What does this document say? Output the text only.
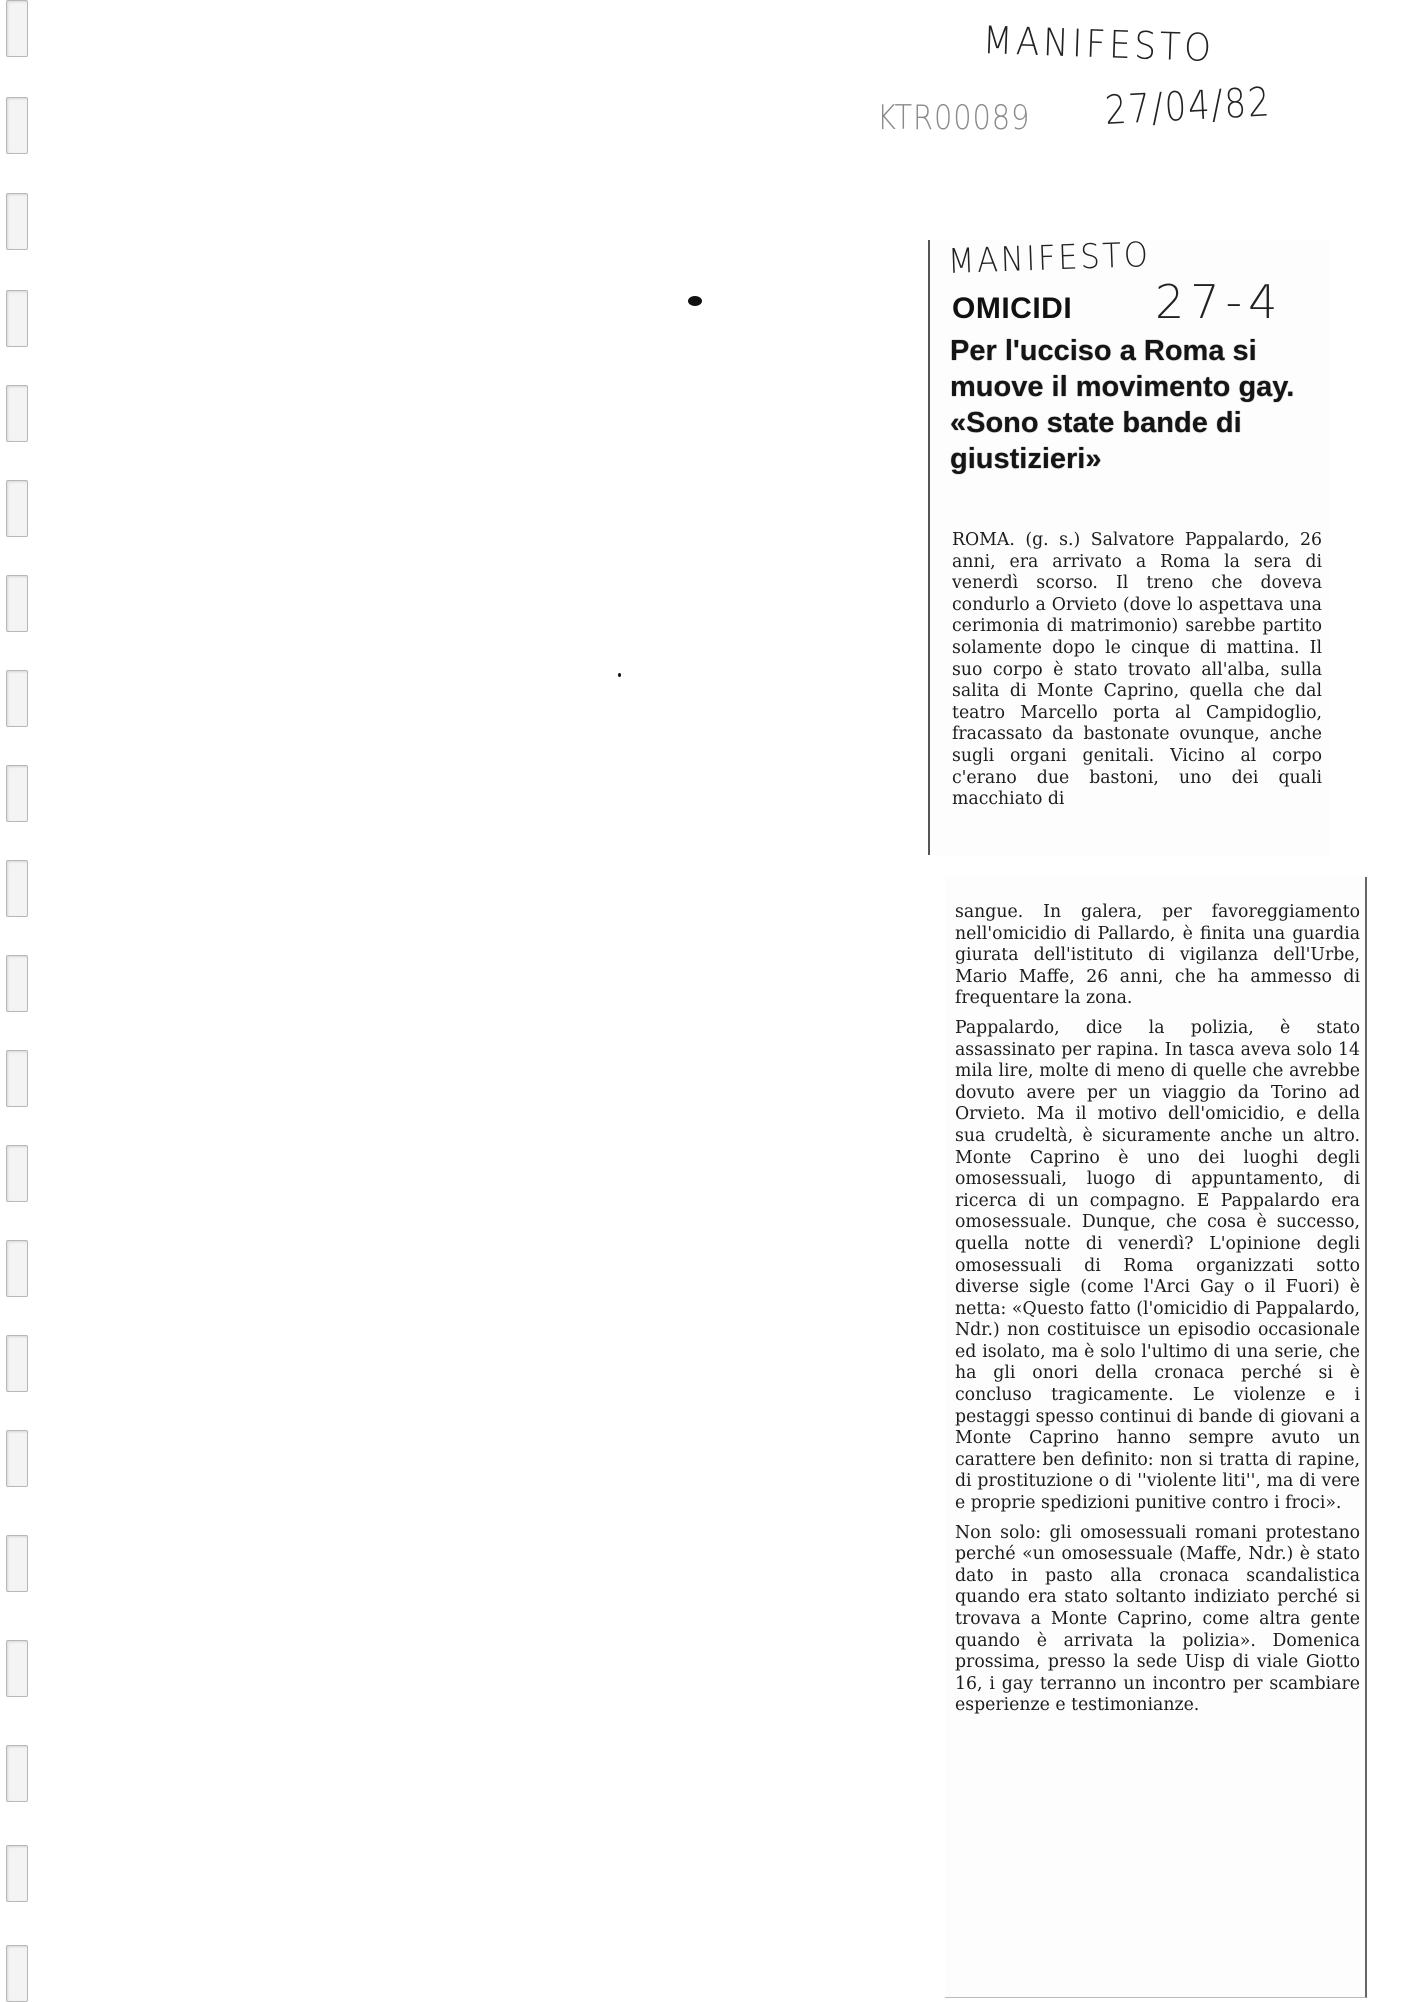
MANIFESTO
KTR00089 27/04/82
MANIFESTO
27-4
OMICIDI
Per l'ucciso a Roma si muove il movimento gay. «Sono state bande di giustizieri»

ROMA. (g. s.) Salvatore Pappalardo, 26 anni, era arrivato a Roma la sera di venerdì scorso. Il treno che doveva condurlo a Orvieto (dove lo aspettava una cerimonia di matrimonio) sarebbe partito solamente dopo le cinque di mattina. Il suo corpo è stato trovato all'alba, sulla salita di Monte Caprino, quella che dal teatro Marcello porta al Campidoglio, fracassato da bastonate ovunque, anche sugli organi genitali. Vicino al corpo c'erano due bastoni, uno dei quali macchiato di

sangue. In galera, per favoreggiamento nell'omicidio di Pallardo, è finita una guardia giurata dell'istituto di vigilanza dell'Urbe, Mario Maffe, 26 anni, che ha ammesso di frequentare la zona.

Pappalardo, dice la polizia, è stato assassinato per rapina. In tasca aveva solo 14 mila lire, molte di meno di quelle che avrebbe dovuto avere per un viaggio da Torino ad Orvieto. Ma il motivo dell'omicidio, e della sua crudeltà, è sicuramente anche un altro. Monte Caprino è uno dei luoghi degli omosessuali, luogo di appuntamento, di ricerca di un compagno. E Pappalardo era omosessuale. Dunque, che cosa è successo, quella notte di venerdì? L'opinione degli omosessuali di Roma organizzati sotto diverse sigle (come l'Arci Gay o il Fuori) è netta: «Questo fatto (l'omicidio di Pappalardo, Ndr.) non costituisce un episodio occasionale ed isolato, ma è solo l'ultimo di una serie, che ha gli onori della cronaca perché si è concluso tragicamente. Le violenze e i pestaggi spesso continui di bande di giovani a Monte Caprino hanno sempre avuto un carattere ben definito: non si tratta di rapine, di prostituzione o di ''violente liti'', ma di vere e proprie spedizioni punitive contro i froci».

Non solo: gli omosessuali romani protestano perché «un omosessuale (Maffe, Ndr.) è stato dato in pasto alla cronaca scandalistica quando era stato soltanto indiziato perché si trovava a Monte Caprino, come altra gente quando è arrivata la polizia». Domenica prossima, presso la sede Uisp di viale Giotto 16, i gay terranno un incontro per scambiare esperienze e testimonianze.
